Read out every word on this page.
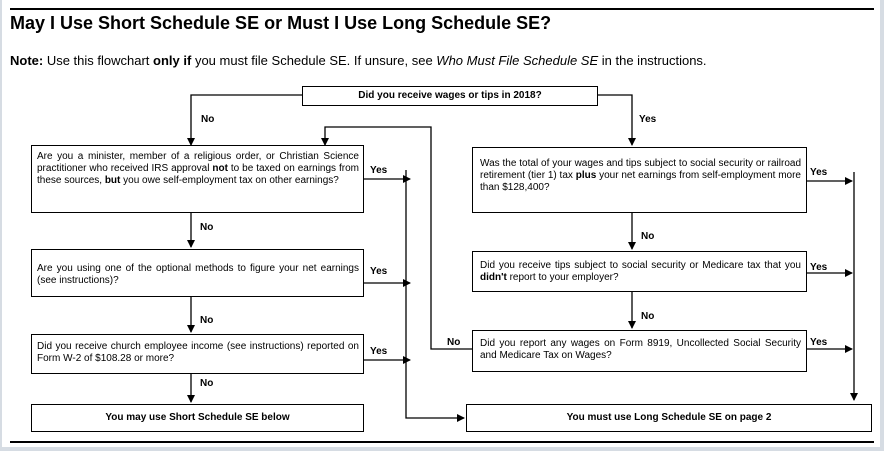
May I Use Short Schedule SE or Must I Use Long Schedule SE?
Note: Use this flowchart only if you must file Schedule SE. If unsure, see Who Must File Schedule SE in the instructions.
Did you receive wages or tips in 2018?
Are you a minister, member of a religious order, or Christian Science practitioner who received IRS approval not to be taxed on earnings from these sources, but you owe self-employment tax on other earnings?
Are you using one of the optional methods to figure your net earnings (see instructions)?
Did you receive church employee income (see instructions) reported on Form W-2 of $108.28 or more?
You may use Short Schedule SE below
Was the total of your wages and tips subject to social security or railroad retirement (tier 1) tax plus your net earnings from self-employment more than $128,400?
Did you receive tips subject to social security or Medicare tax that you didn't report to your employer?
Did you report any wages on Form 8919, Uncollected Social Security and Medicare Tax on Wages?
You must use Long Schedule SE on page 2
No	Yes
Yes
No
Yes
No
Yes
No
Yes
No
Yes
No
Yes
No
